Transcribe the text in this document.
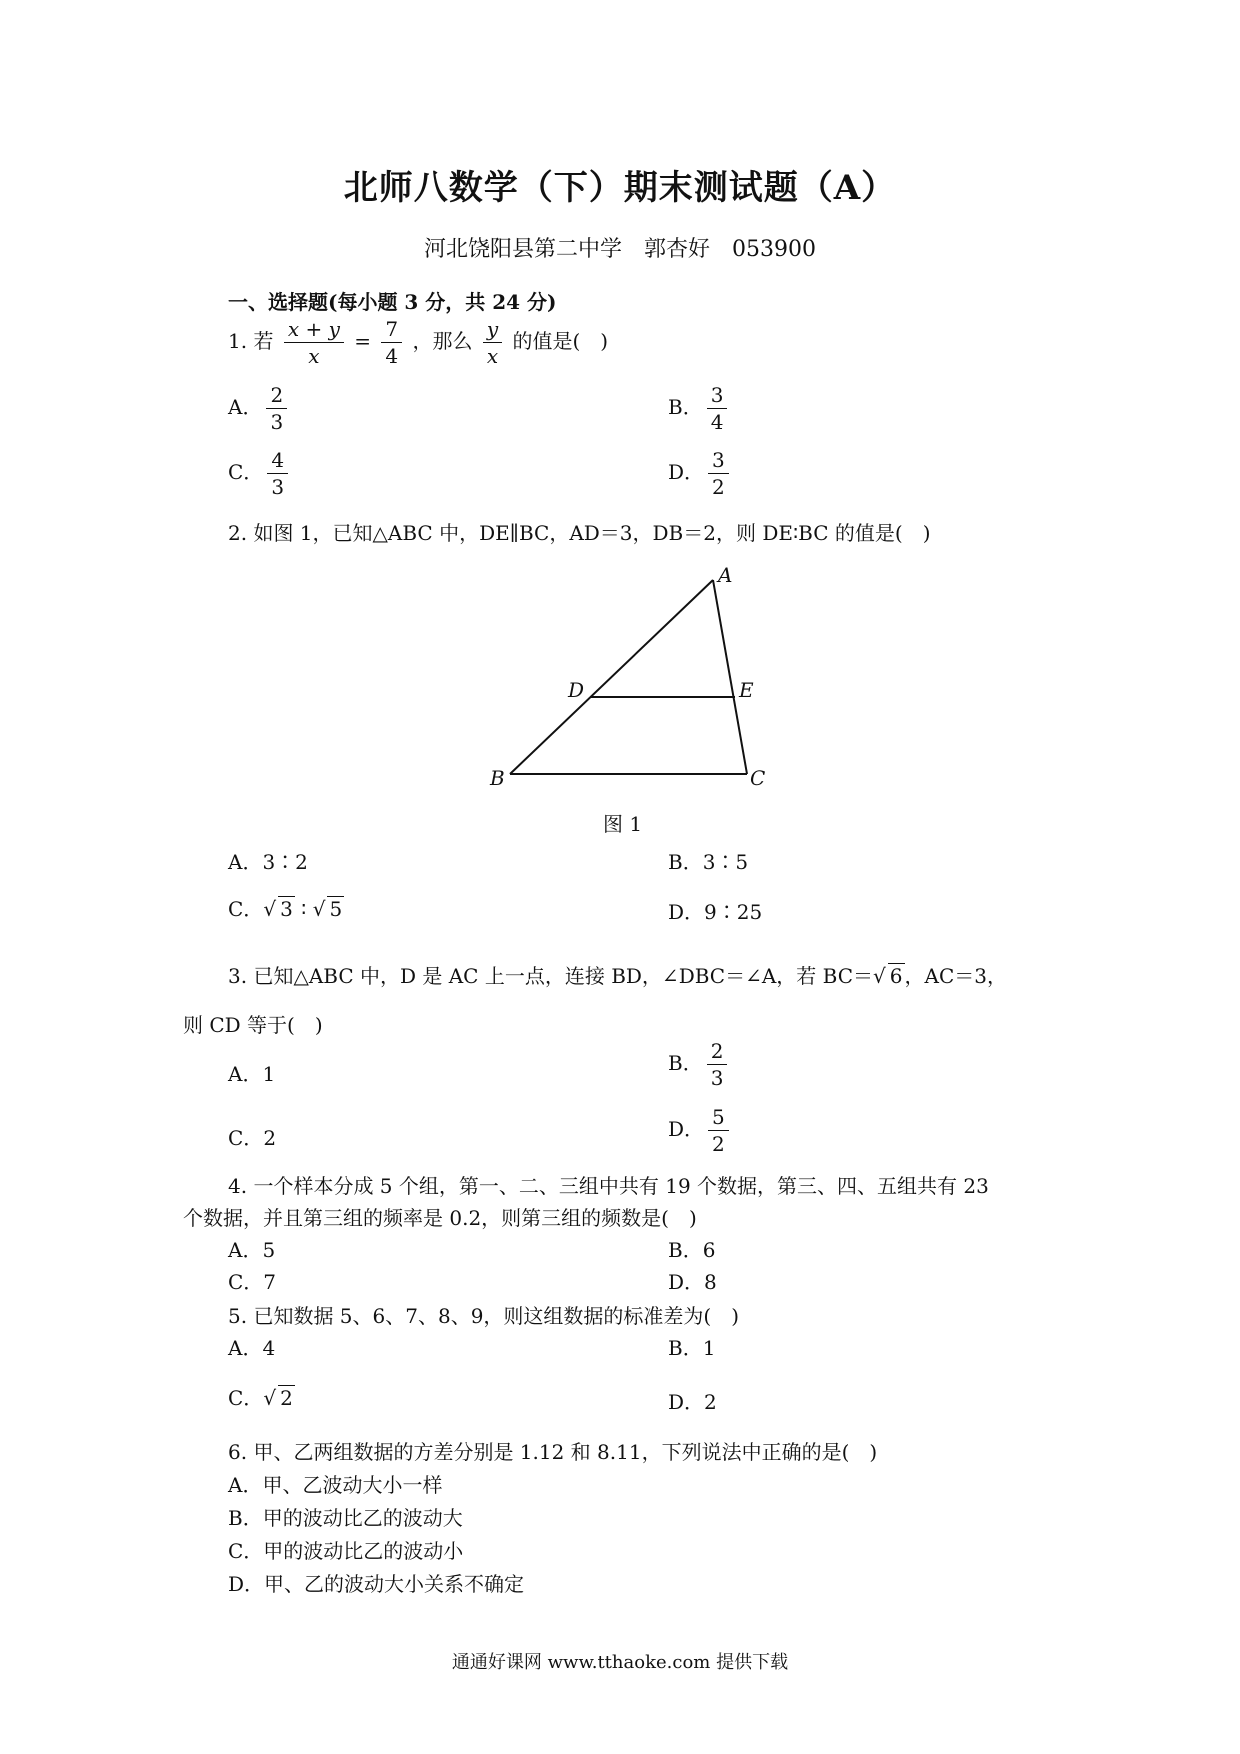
北师八数学（下）期末测试题（A）
河北饶阳县第二中学　郭杏好　053900
一、选择题(每小题 3 分，共 24 分)
1. 若 $\frac{x + y}{x} = \frac{7}{4}$ ，那么 $\frac{y}{x}$ 的值是(　)
A． $\frac{2}{3}$	B． $\frac{3}{4}$
C． $\frac{4}{3}$	D． $\frac{3}{2}$
2. 如图 1，已知△ABC 中，DE∥BC，AD＝3，DB＝2，则 DE∶BC 的值是(　)
A
B	C
D	E
图 1
A．3∶2	B．3∶5
C．√ 3 ∶ √ 5	D．9∶25
3. 已知△ABC 中，D 是 AC 上一点，连接 BD，∠DBC＝∠A，若 BC＝√ 6 ，AC＝3，
则 CD 等于(　)
A．1	B． $\frac{2}{3}$
C．2	D． $\frac{5}{2}$
4. 一个样本分成 5 个组，第一、二、三组中共有 19 个数据，第三、四、五组共有 23
个数据，并且第三组的频率是 0.2，则第三组的频数是(　)
A．5	B．6
C．7	D．8
5. 已知数据 5、6、7、8、9，则这组数据的标准差为(　)
A．4	B．1
C．√ 2	D．2
6. 甲、乙两组数据的方差分别是 1.12 和 8.11，下列说法中正确的是(　)
A．甲、乙波动大小一样
B．甲的波动比乙的波动大
C．甲的波动比乙的波动小
D．甲、乙的波动大小关系不确定
通通好课网 www.tthaoke.com 提供下载
